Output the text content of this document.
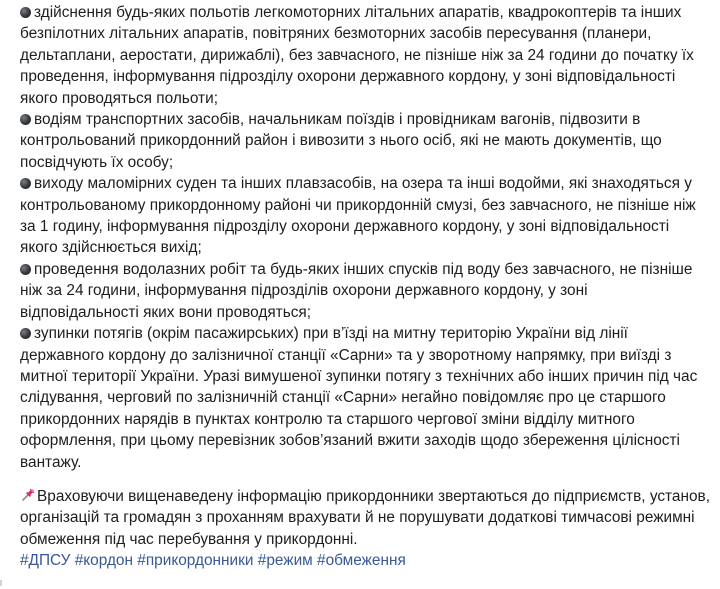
здійснення будь-яких польотів легкомоторних літальних апаратів, квадрокоптерів та інших безпілотних літальних апаратів, повітряних безмоторних засобів пересування (планери, дельтаплани, аеростати, дирижаблі), без завчасного, не пізніше ніж за 24 години до початку їх проведення, інформування підрозділу охорони державного кордону, у зоні відповідальності якого проводяться польоти;

водіям транспортних засобів, начальникам поїздів і провідникам вагонів, підвозити в контрольований прикордонний район і вивозити з нього осіб, які не мають документів, що посвідчують їх особу;

виходу маломірних суден та інших плавзасобів, на озера та інші водойми, які знаходяться у контрольованому прикордонному районі чи прикордонній смузі, без завчасного, не пізніше ніж за 1 годину, інформування підрозділу охорони державного кордону, у зоні відповідальності якого здійснюється вихід;

проведення водолазних робіт та будь-яких інших спусків під воду без завчасного, не пізніше ніж за 24 години, інформування підрозділів охорони державного кордону, у зоні відповідальності яких вони проводяться;

зупинки потягів (окрім пасажирських) при в’їзді на митну територію України від лінії державного кордону до залізничної станції «Сарни» та у зворотному напрямку, при виїзді з митної території України. Уразі вимушеної зупинки потягу з технічних або інших причин під час слідування, черговий по залізничній станції «Сарни» негайно повідомляє про це старшого прикордонних нарядів в пунктах контролю та старшого чергової зміни відділу митного оформлення, при цьому перевізник зобов’язаний вжити заходів щодо збереження цілісності вантажу.

Враховуючи вищенаведену інформацію прикордонники звертаються до підприємств, установ, організацій та громадян з проханням врахувати й не порушувати додаткові тимчасові режимні обмеження під час перебування у прикордонні.

#ДПСУ #кордон #прикордонники #режим #обмеження
